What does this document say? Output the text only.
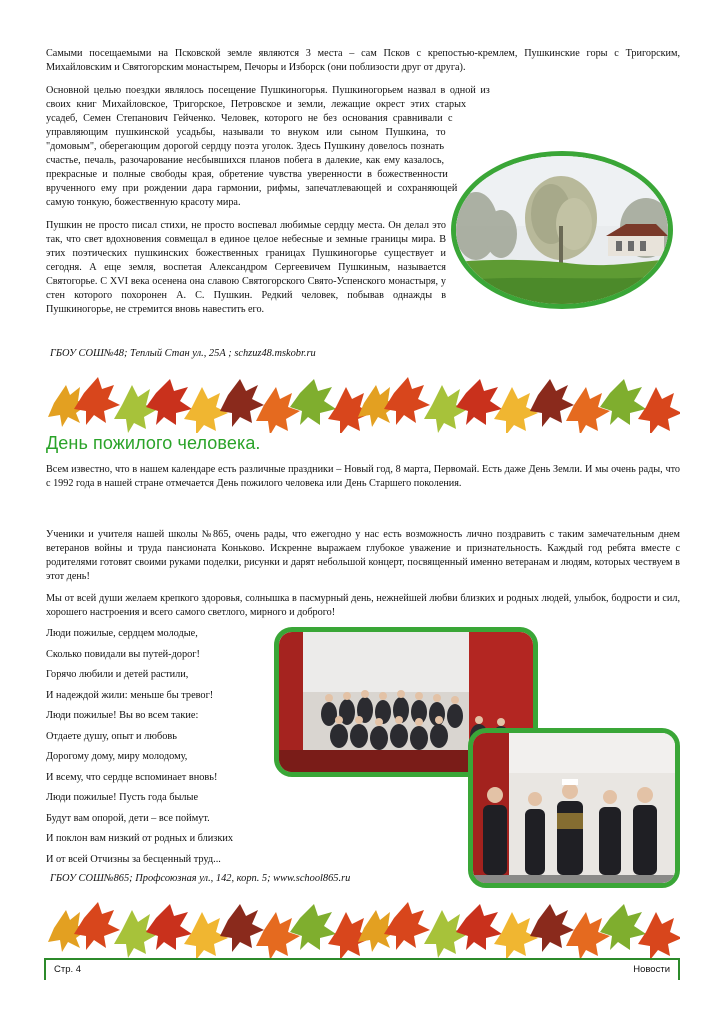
Самыми посещаемыми на Псковской земле являются 3 места – сам Псков с крепостью-кремлем, Пушкинские горы с Тригорским, Михайловским и Святогорским монастырем, Печоры и Изборск (они поблизости друг от друга).

Основной целью поездки являлось посещение Пушкиногорья. Пушкиногорьем назвал в одной из своих книг Михайловское, Тригорское, Петровское и земли, лежащие окрест этих старых усадеб, Семен Степанович Гейченко. Человек, которого не без основания сравнивали с управляющим пушкинской усадьбы, называли то внуком или сыном Пушкина, то "домовым", оберегающим дорогой сердцу поэта уголок. Здесь Пушкину довелось познать счастье, печаль, разочарование несбывшихся планов побега в далекие, как ему казалось, прекрасные и полные свободы края, обретение чувства уверенности в божественности врученного ему при рождении дара гармонии, рифмы, запечатлевающей и сохраняющей самую тонкую, божественную красоту мира.

Пушкин не просто писал стихи, не просто воспевал любимые сердцу места. Он делал это так, что свет вдохновения совмещал в единое целое небесные и земные границы мира. В этих поэтических пушкинских божественных границах Пушкиногорье существует и сегодня. А еще земля, воспетая Александром Сергеевичем Пушкиным, называется Святогорье. С XVI века осенена она славою Святогорского Свято-Успенского монастыря, у стен которого похоронен А. С. Пушкин. Редкий человек, побывав однажды в Пушкиногорье, не стремится вновь навестить его.

ГБОУ СОШ№48; Теплый Стан ул., 25А ; schzuz48.mskobr.ru

День пожилого человека.

Всем известно, что в нашем календаре есть различные праздники – Новый год, 8 марта, Первомай. Есть даже День Земли. И мы очень рады, что с 1992 года в нашей стране отмечается День пожилого человека или День Старшего поколения.

Ученики и учителя нашей школы №865, очень рады, что ежегодно у нас есть возможность лично поздравить с таким замечательным днем ветеранов войны и труда пансионата Коньково. Искренне выражаем глубокое уважение и признательность. Каждый год ребята вместе с родителями готовят своими руками поделки, рисунки и дарят небольшой концерт, посвященный именно ветеранам и людям, которых чествуем в этот день!

Мы от всей души желаем крепкого здоровья, солнышка в пасмурный день, нежнейшей любви близких и родных людей, улыбок, бодрости и сил, хорошего настроения и всего самого светлого, мирного и доброго!

Люди пожилые, сердцем молодые,
Сколько повидали вы путей-дорог!
Горячо любили и детей растили,
И надеждой жили: меньше бы тревог!
Люди пожилые! Вы во всем такие:
Отдаете душу, опыт и любовь
Дорогому дому, миру молодому,
И всему, что сердце вспоминает вновь!
Люди пожилые! Пусть года былые
Будут вам опорой, дети – все поймут.
И поклон вам низкий от родных и близких
И от всей Отчизны за бесценный труд...

ГБОУ СОШ№865; Профсоюзная ул., 142, корп. 5; www.school865.ru

Стр. 4	Новости
